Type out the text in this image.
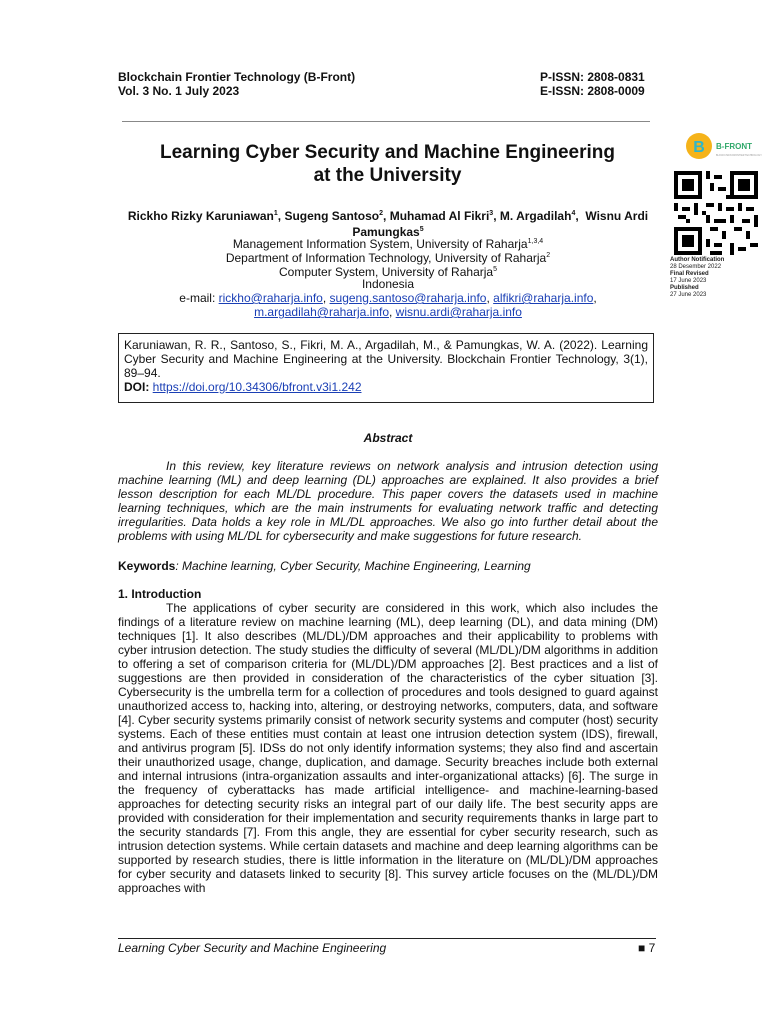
Blockchain Frontier Technology (B-Front)
Vol. 3 No. 1 July 2023
P-ISSN: 2808-0831
E-ISSN: 2808-0009
B B-FRONT
BLOCKCHAIN FRONTIER TECHNOLOGY
Author Notification
28 Desember 2022
Final Revised
17 June 2023
Published
27 June 2023
Learning Cyber Security and Machine Engineering
at the University
Rickho Rizky Karuniawan$^1$, Sugeng Santoso$^2$, Muhamad Al Fikri$^3$, M. Argadilah$^4$,  Wisnu Ardi Pamungkas$^5$
Management Information System, University of Raharja$^{1,3,4}$
Department of Information Technology, University of Raharja$^2$
Computer System, University of Raharja$^5$
Indonesia
e-mail: rickho@raharja.info, sugeng.santoso@raharja.info, alfikri@raharja.info,
m.argadilah@raharja.info, wisnu.ardi@raharja.info
Karuniawan, R. R., Santoso, S., Fikri, M. A., Argadilah, M., & Pamungkas, W. A. (2022). Learning Cyber Security and Machine Engineering at the University. Blockchain Frontier Technology, 3(1), 89–94.
DOI: https://doi.org/10.34306/bfront.v3i1.242
Abstract
In this review, key literature reviews on network analysis and intrusion detection using machine learning (ML) and deep learning (DL) approaches are explained. It also provides a brief lesson description for each ML/DL procedure. This paper covers the datasets used in machine learning techniques, which are the main instruments for evaluating network traffic and detecting irregularities. Data holds a key role in ML/DL approaches. We also go into further detail about the problems with using ML/DL for cybersecurity and make suggestions for future research.
Keywords: Machine learning, Cyber Security, Machine Engineering, Learning
1. Introduction
The applications of cyber security are considered in this work, which also includes the findings of a literature review on machine learning (ML), deep learning (DL), and data mining (DM) techniques [1]. It also describes (ML/DL)/DM approaches and their applicability to problems with cyber intrusion detection. The study studies the difficulty of several (ML/DL)/DM algorithms in addition to offering a set of comparison criteria for (ML/DL)/DM approaches [2]. Best practices and a list of suggestions are then provided in consideration of the characteristics of the cyber situation [3]. Cybersecurity is the umbrella term for a collection of procedures and tools designed to guard against unauthorized access to, hacking into, altering, or destroying networks, computers, data, and software [4]. Cyber security systems primarily consist of network security systems and computer (host) security systems. Each of these entities must contain at least one intrusion detection system (IDS), firewall, and antivirus program [5]. IDSs do not only identify information systems; they also find and ascertain their unauthorized usage, change, duplication, and damage. Security breaches include both external and internal intrusions (intra-organization assaults and inter-organizational attacks) [6]. The surge in the frequency of cyberattacks has made artificial intelligence- and machine-learning-based approaches for detecting security risks an integral part of our daily life. The best security apps are provided with consideration for their implementation and security requirements thanks in large part to the security standards [7]. From this angle, they are essential for cyber security research, such as intrusion detection systems. While certain datasets and machine and deep learning algorithms can be supported by research studies, there is little information in the literature on (ML/DL)/DM approaches for cyber security and datasets linked to security [8]. This survey article focuses on the (ML/DL)/DM approaches with
Learning Cyber Security and Machine Engineering	■ 7
